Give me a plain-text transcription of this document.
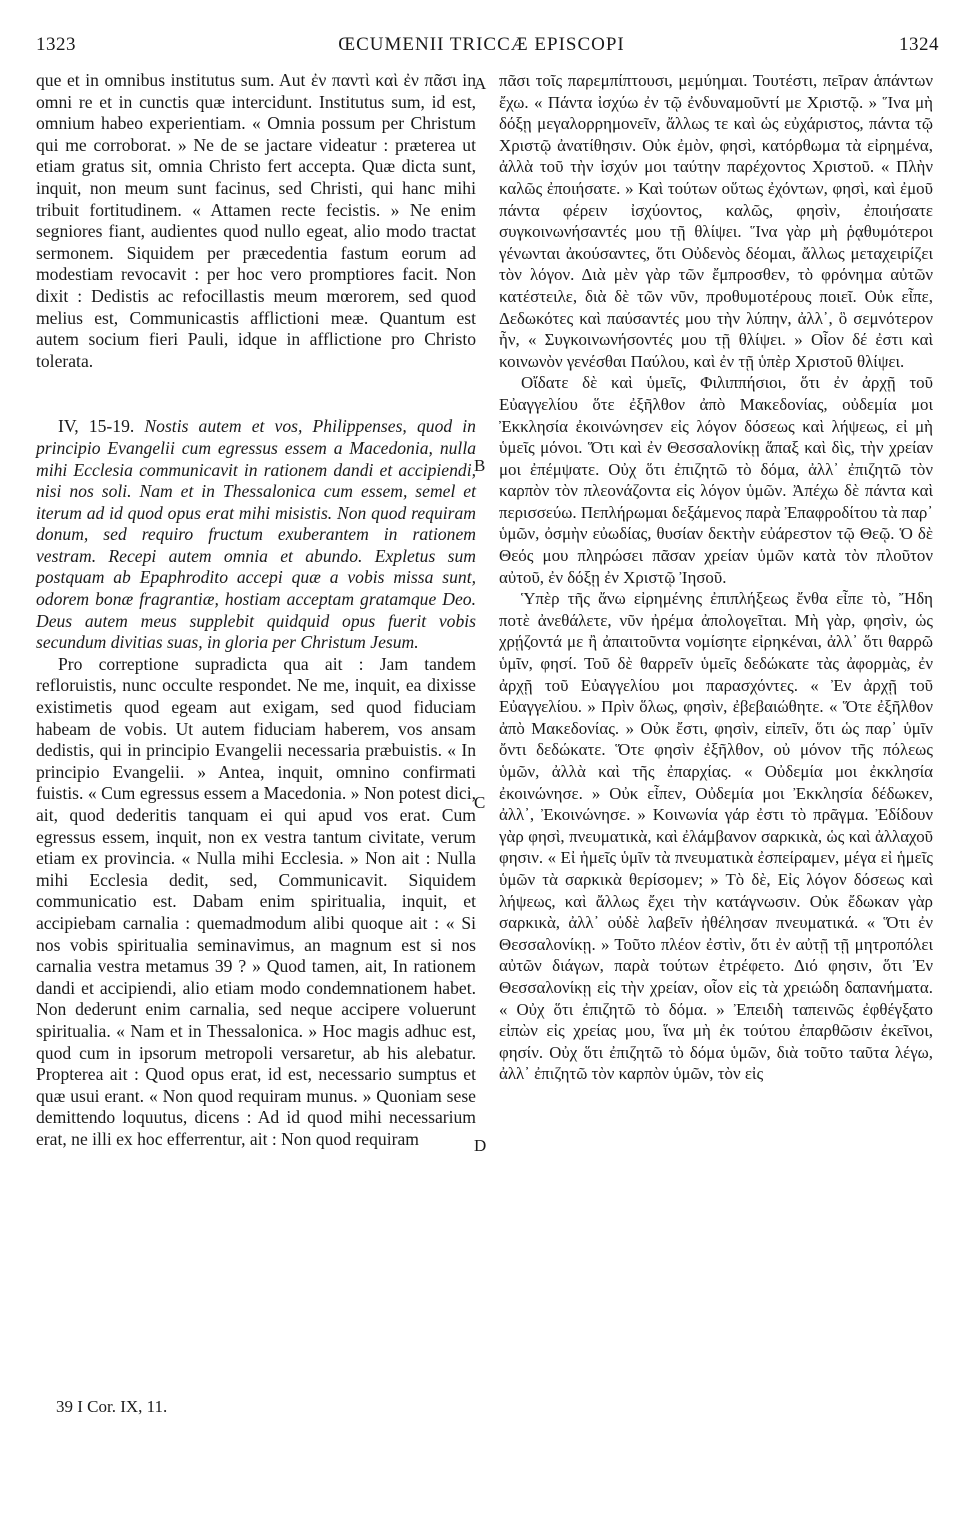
1323	ŒCUMENII TRICCÆ EPISCOPI	1324

que et in omnibus institutus sum. Aut ἐν παντὶ καὶ ἐν πᾶσι in omni re et in cunctis quæ intercidunt. Institutus sum, id est, omnium habeo experientiam. « Omnia possum per Christum qui me corroborat. » Ne de se jactare videatur : præterea ut etiam gratus sit, omnia Christo fert accepta. Quæ dicta sunt, inquit, non meum sunt facinus, sed Christi, qui hanc mihi tribuit fortitudinem. « Attamen recte fecistis. » Ne enim segniores fiant, audientes quod nullo egeat, alio modo tractat sermonem. Siquidem per præcedentia fastum eorum ad modestiam revocavit : per hoc vero promptiores facit. Non dixit : Dedistis ac refocillastis meum mœrorem, sed quod melius est, Communicastis afflictioni meæ. Quantum est autem socium fieri Pauli, idque in afflictione pro Christo tolerata.

IV, 15-19. Nostis autem et vos, Philippenses, quod in principio Evangelii cum egressus essem a Macedonia, nulla mihi Ecclesia communicavit in rationem dandi et accipiendi, nisi nos soli. Nam et in Thessalonica cum essem, semel et iterum ad id quod opus erat mihi misistis. Non quod requiram donum, sed requiro fructum exuberantem in rationem vestram. Recepi autem omnia et abundo. Expletus sum postquam ab Epaphrodito accepi quæ a vobis missa sunt, odorem bonæ fragrantiæ, hostiam acceptam gratamque Deo. Deus autem meus supplebit quidquid opus fuerit vobis secundum divitias suas, in gloria per Christum Jesum.

Pro correptione supradicta qua ait : Jam tandem refloruistis, nunc occulte respondet. Ne me, inquit, ea dixisse existimetis quod egeam aut exigam, sed quod fiduciam habeam de vobis. Ut autem fiduciam haberem, vos ansam dedistis, qui in principio Evangelii necessaria præbuistis. « In principio Evangelii. » Antea, inquit, omnino confirmati fuistis. « Cum egressus essem a Macedonia. » Non potest dici, ait, quod dederitis tanquam ei qui apud vos erat. Cum egressus essem, inquit, non ex vestra tantum civitate, verum etiam ex provincia. « Nulla mihi Ecclesia. » Non ait : Nulla mihi Ecclesia dedit, sed, Communicavit. Siquidem communicatio est. Dabam enim spiritualia, inquit, et accipiebam carnalia : quemadmodum alibi quoque ait : « Si nos vobis spiritualia seminavimus, an magnum est si nos carnalia vestra metamus 39 ? » Quod tamen, ait, In rationem dandi et accipiendi, alio etiam modo condemnationem habet. Non dederunt enim carnalia, sed neque accipere voluerunt spiritualia. « Nam et in Thessalonica. » Hoc magis adhuc est, quod cum in ipsorum metropoli versaretur, ab his alebatur. Propterea ait : Quod opus erat, id est, necessario sumptus et quæ usui erant. « Non quod requiram munus. » Quoniam sese demittendo loquutus, dicens : Ad id quod mihi necessarium erat, ne illi ex hoc efferrentur, ait : Non quod requiram

A
B
C
D

πᾶσι τοῖς παρεμπίπτουσι, μεμύημαι. Τουτέστι, πεῖραν ἁπάντων ἔχω. « Πάντα ἰσχύω ἐν τῷ ἐνδυναμοῦντί με Χριστῷ. » Ἵνα μὴ δόξῃ μεγαλορρημονεῖν, ἄλλως τε καὶ ὡς εὐχάριστος, πάντα τῷ Χριστῷ ἀνατίθησιν. Οὐκ ἐμὸν, φησὶ, κατόρθωμα τὰ εἰρημένα, ἀλλὰ τοῦ τὴν ἰσχύν μοι ταύτην παρέχοντος Χριστοῦ. « Πλὴν καλῶς ἐποιήσατε. » Καὶ τούτων οὕτως ἐχόντων, φησὶ, καὶ ἐμοῦ πάντα φέρειν ἰσχύοντος, καλῶς, φησὶν, ἐποιήσατε συγκοινωνήσαντές μου τῇ θλίψει. Ἵνα γὰρ μὴ ῥᾳθυμότεροι γένωνται ἀκούσαντες, ὅτι Οὐδενὸς δέομαι, ἄλλως μεταχειρίζει τὸν λόγον. Διὰ μὲν γὰρ τῶν ἔμπροσθεν, τὸ φρόνημα αὐτῶν κατέστειλε, διὰ δὲ τῶν νῦν, προθυμοτέρους ποιεῖ. Οὐκ εἶπε, Δεδωκότες καὶ παύσαντές μου τὴν λύπην, ἀλλ᾽, ὃ σεμνότερον ἦν, « Συγκοινωνήσοντές μου τῇ θλίψει. » Οἷον δέ ἐστι καὶ κοινωνὸν γενέσθαι Παύλου, καὶ ἐν τῇ ὑπὲρ Χριστοῦ θλίψει.

Οἴδατε δὲ καὶ ὑμεῖς, Φιλιππήσιοι, ὅτι ἐν ἀρχῇ τοῦ Εὐαγγελίου ὅτε ἐξῆλθον ἀπὸ Μακεδονίας, οὐδεμία μοι Ἐκκλησία ἐκοινώνησεν εἰς λόγον δόσεως καὶ λήψεως, εἰ μὴ ὑμεῖς μόνοι. Ὅτι καὶ ἐν Θεσσαλονίκῃ ἅπαξ καὶ δὶς, τὴν χρείαν μοι ἐπέμψατε. Οὐχ ὅτι ἐπιζητῶ τὸ δόμα, ἀλλ᾽ ἐπιζητῶ τὸν καρπὸν τὸν πλεονάζοντα εἰς λόγον ὑμῶν. Ἀπέχω δὲ πάντα καὶ περισσεύω. Πεπλήρωμαι δεξάμενος παρὰ Ἐπαφροδίτου τὰ παρ᾽ ὑμῶν, ὀσμὴν εὐωδίας, θυσίαν δεκτὴν εὐάρεστον τῷ Θεῷ. Ὁ δὲ Θεός μου πληρώσει πᾶσαν χρείαν ὑμῶν κατὰ τὸν πλοῦτον αὐτοῦ, ἐν δόξῃ ἐν Χριστῷ Ἰησοῦ.

Ὑπὲρ τῆς ἄνω εἰρημένης ἐπιπλήξεως ἔνθα εἶπε τὸ, Ἤδη ποτὲ ἀνεθάλετε, νῦν ἠρέμα ἀπολογεῖται. Μὴ γὰρ, φησὶν, ὡς χρῄζοντά με ἢ ἀπαιτοῦντα νομίσητε εἰρηκέναι, ἀλλ᾽ ὅτι θαρρῶ ὑμῖν, φησί. Τοῦ δὲ θαρρεῖν ὑμεῖς δεδώκατε τὰς ἀφορμὰς, ἐν ἀρχῇ τοῦ Εὐαγγελίου μοι παρασχόντες. « Ἐν ἀρχῇ τοῦ Εὐαγγελίου. » Πρὶν ὅλως, φησὶν, ἐβεβαιώθητε. « Ὅτε ἐξῆλθον ἀπὸ Μακεδονίας. » Οὐκ ἔστι, φησὶν, εἰπεῖν, ὅτι ὡς παρ᾽ ὑμῖν ὄντι δεδώκατε. Ὅτε φησὶν ἐξῆλθον, οὐ μόνον τῆς πόλεως ὑμῶν, ἀλλὰ καὶ τῆς ἐπαρχίας. « Οὐδεμία μοι ἐκκλησία ἐκοινώνησε. » Οὐκ εἶπεν, Οὐδεμία μοι Ἐκκλησία δέδωκεν, ἀλλ᾽, Ἐκοινώνησε. » Κοινωνία γάρ ἐστι τὸ πρᾶγμα. Ἐδίδουν γὰρ φησὶ, πνευματικὰ, καὶ ἐλάμβανον σαρκικὰ, ὡς καὶ ἀλλαχοῦ φησιν. « Εἰ ἡμεῖς ὑμῖν τὰ πνευματικὰ ἐσπείραμεν, μέγα εἰ ἡμεῖς ὑμῶν τὰ σαρκικὰ θερίσομεν; » Τὸ δὲ, Εἰς λόγον δόσεως καὶ λήψεως, καὶ ἄλλως ἔχει τὴν κατάγνωσιν. Οὐκ ἔδωκαν γὰρ σαρκικὰ, ἀλλ᾽ οὐδὲ λαβεῖν ἠθέλησαν πνευματικά. « Ὅτι ἐν Θεσσαλονίκῃ. » Τοῦτο πλέον ἐστὶν, ὅτι ἐν αὐτῇ τῇ μητροπόλει αὐτῶν διάγων, παρὰ τούτων ἐτρέφετο. Διό φησιν, ὅτι Ἐν Θεσσαλονίκῃ εἰς τὴν χρείαν, οἷον εἰς τὰ χρειώδη δαπανήματα. « Οὐχ ὅτι ἐπιζητῶ τὸ δόμα. » Ἐπειδὴ ταπεινῶς ἐφθέγξατο εἰπὼν εἰς χρείας μου, ἵνα μὴ ἐκ τούτου ἐπαρθῶσιν ἐκεῖνοι, φησίν. Οὐχ ὅτι ἐπιζητῶ τὸ δόμα ὑμῶν, διὰ τοῦτο ταῦτα λέγω, ἀλλ᾽ ἐπιζητῶ τὸν καρπὸν ὑμῶν, τὸν εἰς

39 I Cor. IX, 11.
